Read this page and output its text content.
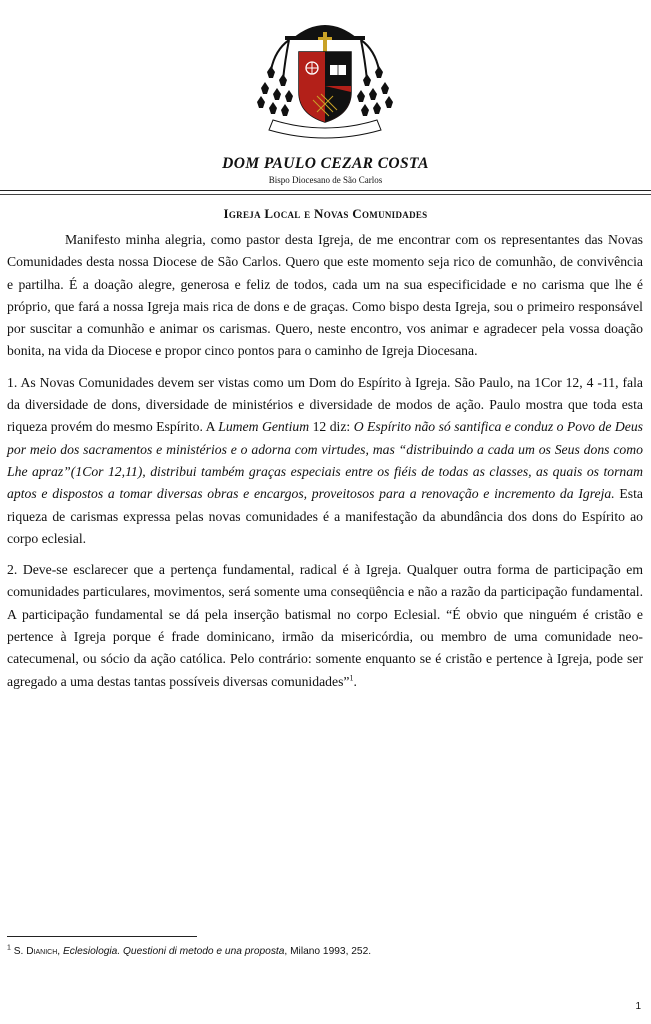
DOM PAULO CEZAR COSTA
Bispo Diocesano de São Carlos
Igreja Local e Novas Comunidades

Manifesto minha alegria, como pastor desta Igreja, de me encontrar com os representantes das Novas Comunidades desta nossa Diocese de São Carlos. Quero que este momento seja rico de comunhão, de convivência e partilha. É a doação alegre, generosa e feliz de todos, cada um na sua especificidade e no carisma que lhe é próprio, que fará a nossa Igreja mais rica de dons e de graças. Como bispo desta Igreja, sou o primeiro responsável por suscitar a comunhão e animar os carismas. Quero, neste encontro, vos animar e agradecer pela vossa doação bonita, na vida da Diocese e propor cinco pontos para o caminho de Igreja Diocesana.

1. As Novas Comunidades devem ser vistas como um Dom do Espírito à Igreja. São Paulo, na 1Cor 12, 4 -11, fala da diversidade de dons, diversidade de ministérios e diversidade de modos de ação. Paulo mostra que toda esta riqueza provém do mesmo Espírito. A Lumem Gentium 12 diz: O Espírito não só santifica e conduz o Povo de Deus por meio dos sacramentos e ministérios e o adorna com virtudes, mas “distribuindo a cada um os Seus dons como Lhe apraz”(1Cor 12,11), distribui também graças especiais entre os fiéis de todas as classes, as quais os tornam aptos e dispostos a tomar diversas obras e encargos, proveitosos para a renovação e incremento da Igreja. Esta riqueza de carismas expressa pelas novas comunidades é a manifestação da abundância dos dons do Espírito ao corpo eclesial.

2. Deve-se esclarecer que a pertença fundamental, radical é à Igreja. Qualquer outra forma de participação em comunidades particulares, movimentos, será somente uma conseqüência e não a razão da participação fundamental. A participação fundamental se dá pela inserção batismal no corpo Eclesial. “É obvio que ninguém é cristão e pertence à Igreja porque é frade dominicano, irmão da misericórdia, ou membro de uma comunidade neo-catecumenal, ou sócio da ação católica. Pelo contrário: somente enquanto se é cristão e pertence à Igreja, pode ser agregado a uma destas tantas possíveis diversas comunidades”$^1$.

$^1$ S. Dianich, Eclesiologia. Questioni di metodo e una proposta, Milano 1993, 252.
1
